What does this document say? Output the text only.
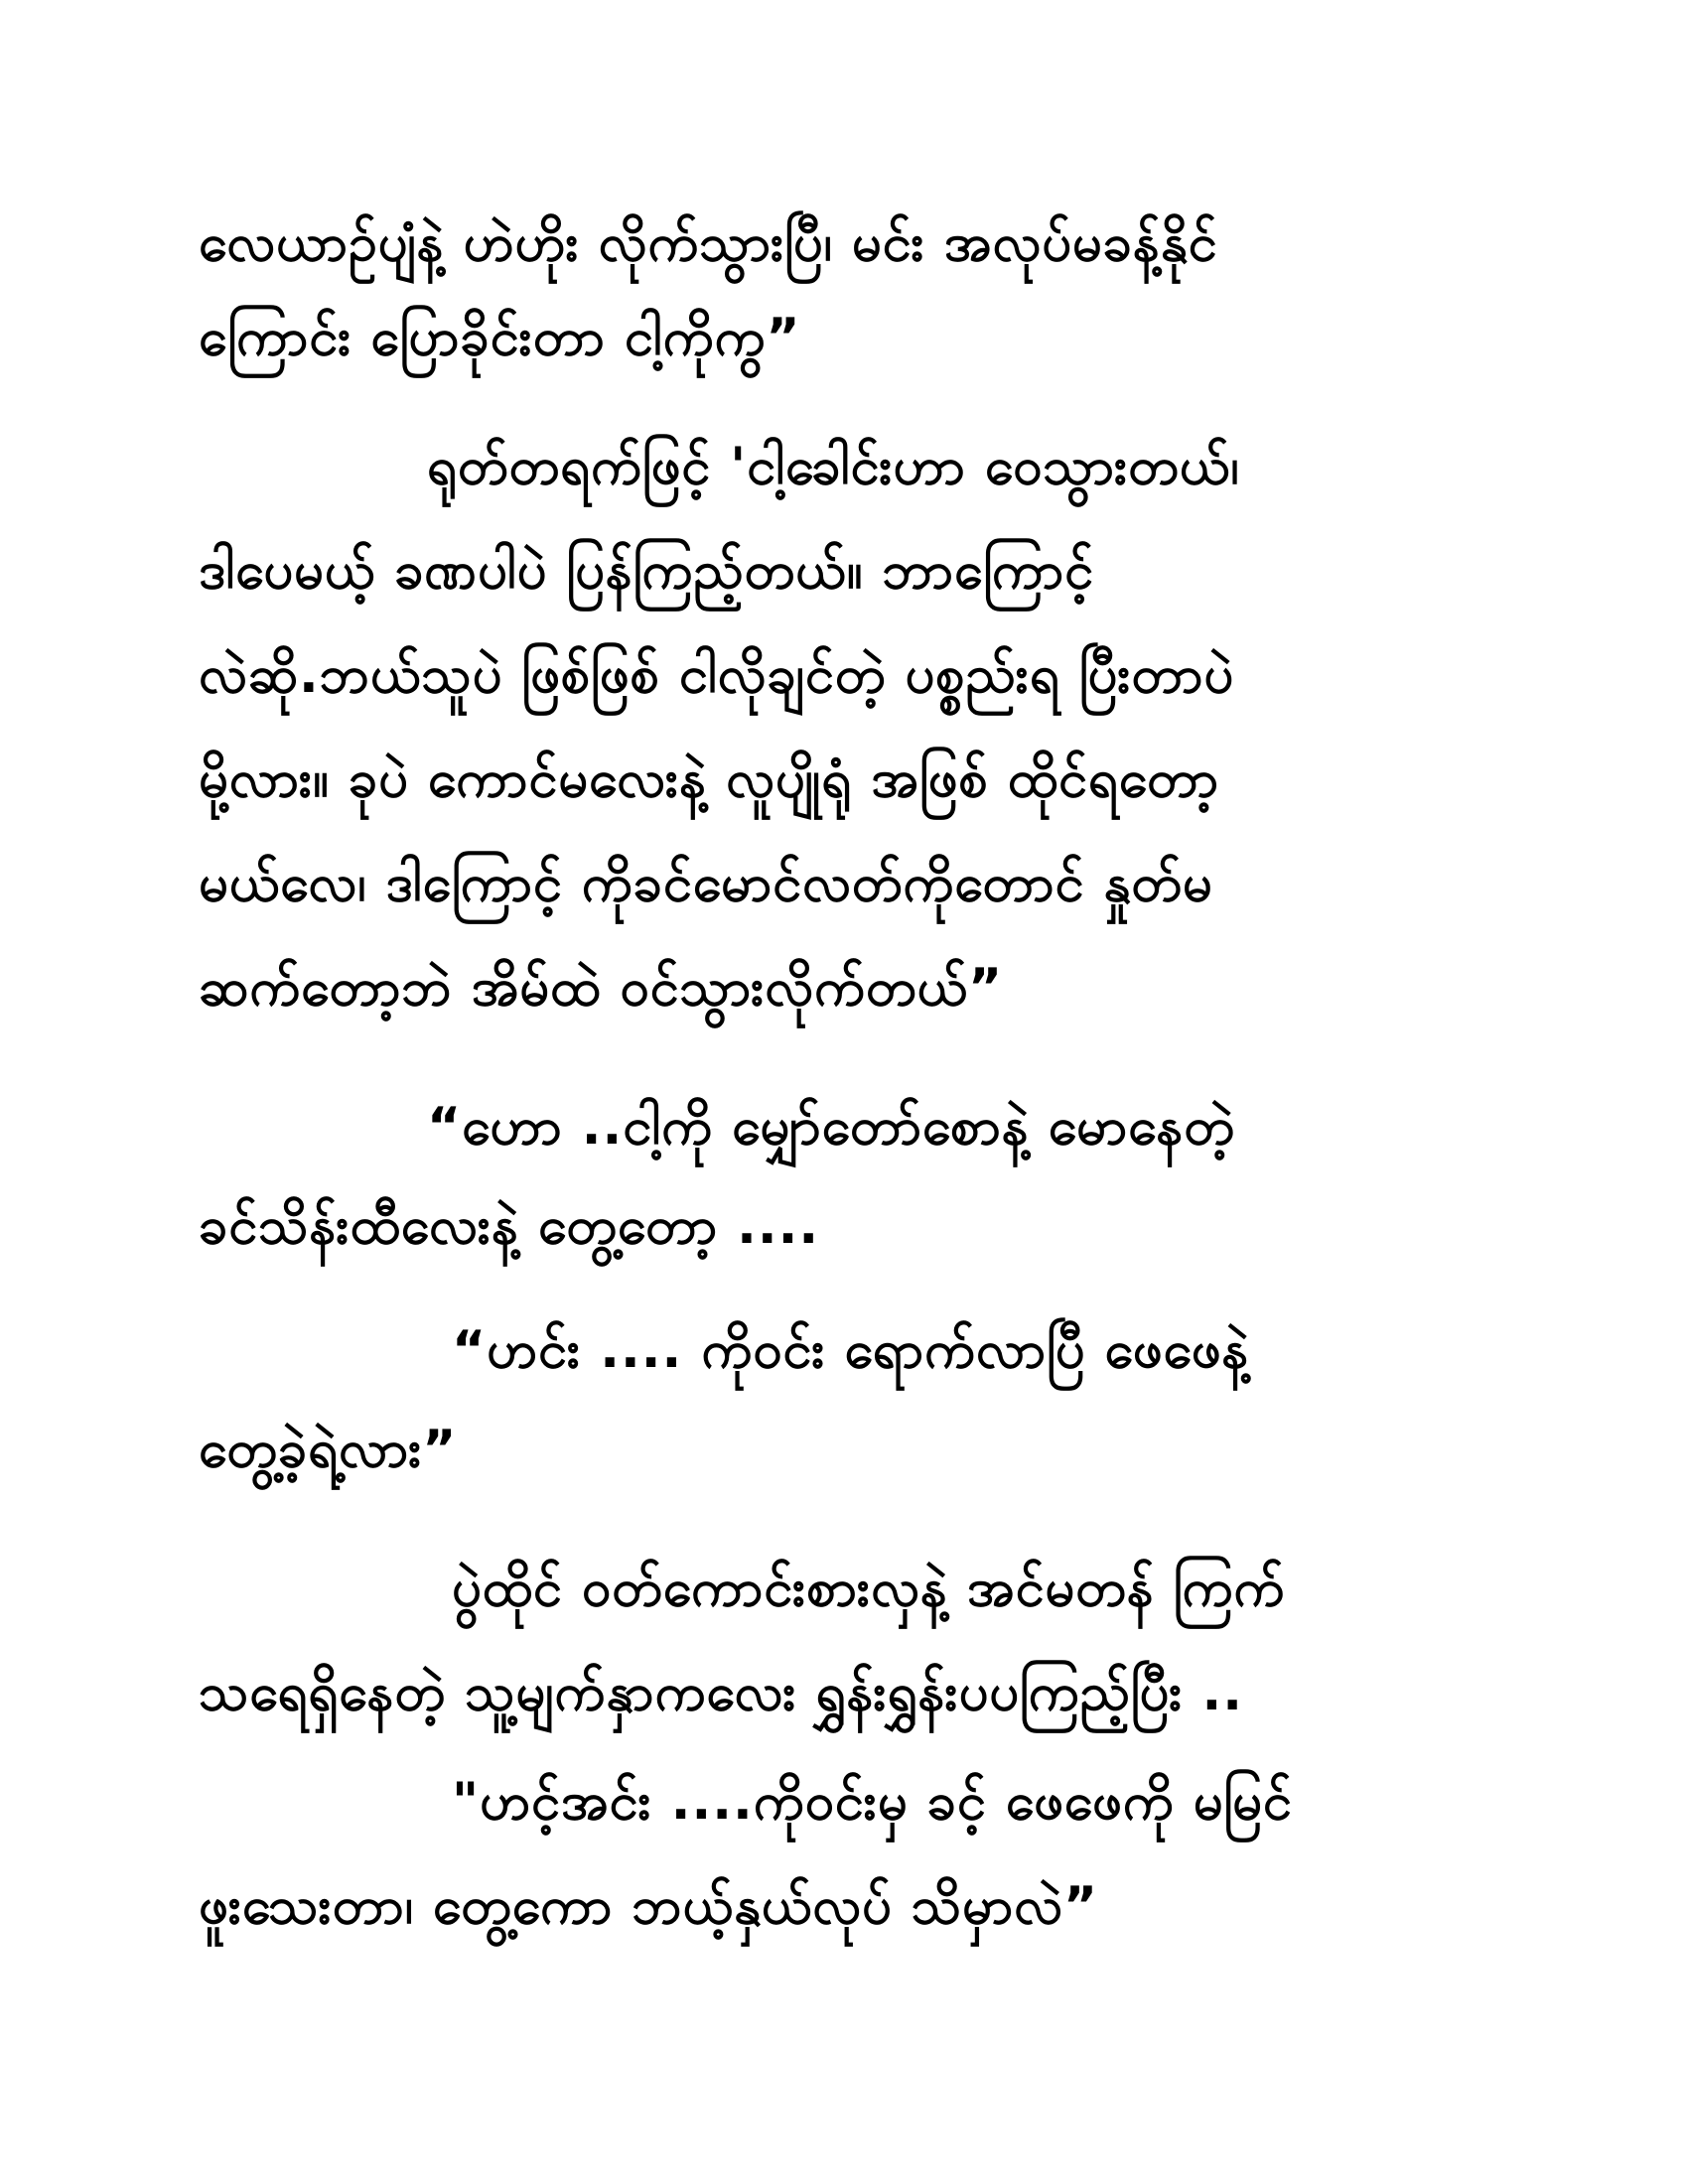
လေယာဉ်ပျံနဲ့ ဟဲဟိုး လိုက်သွားပြီ၊ မင်း အလုပ်မခန့်နိုင်
ကြောင်း ပြောခိုင်းတာ ငါ့ကိုကွ”
ရုတ်တရက်ဖြင့် 'ငါ့ခေါင်းဟာ ဝေသွားတယ်၊
ဒါပေမယ့် ခဏပါပဲ ပြန်ကြည့်တယ်။ ဘာကြောင့်
လဲဆို.ဘယ်သူပဲ ဖြစ်ဖြစ် ငါလိုချင်တဲ့ ပစ္စည်းရ ပြီးတာပဲ
မို့လား။ ခုပဲ ကောင်မလေးနဲ့ လူပျိုရုံ အဖြစ် ထိုင်ရတော့
မယ်လေ၊ ဒါကြောင့် ကိုခင်မောင်လတ်ကိုတောင် နှုတ်မ
ဆက်တော့ဘဲ အိမ်ထဲ ဝင်သွားလိုက်တယ်”
“ဟော ..ငါ့ကို မျှော်တော်စောနဲ့ မောနေတဲ့
ခင်သိန်းထီလေးနဲ့ တွေ့တော့ ....
“ဟင်း .... ကိုဝင်း ရောက်လာပြီ ဖေဖေနဲ့
တွေ့ခဲ့ရဲ့လား”
ပွဲထိုင် ဝတ်ကောင်းစားလှနဲ့ အင်မတန် ကြက်
သရေရှိနေတဲ့ သူ့မျက်နှာကလေး ရွှန်းရွှန်းပပကြည့်ပြီး ..
"ဟင့်အင်း ....ကိုဝင်းမှ ခင့် ဖေဖေကို မမြင်
ဖူးသေးတာ၊ တွေ့ကော ဘယ့်နှယ်လုပ် သိမှာလဲ”
